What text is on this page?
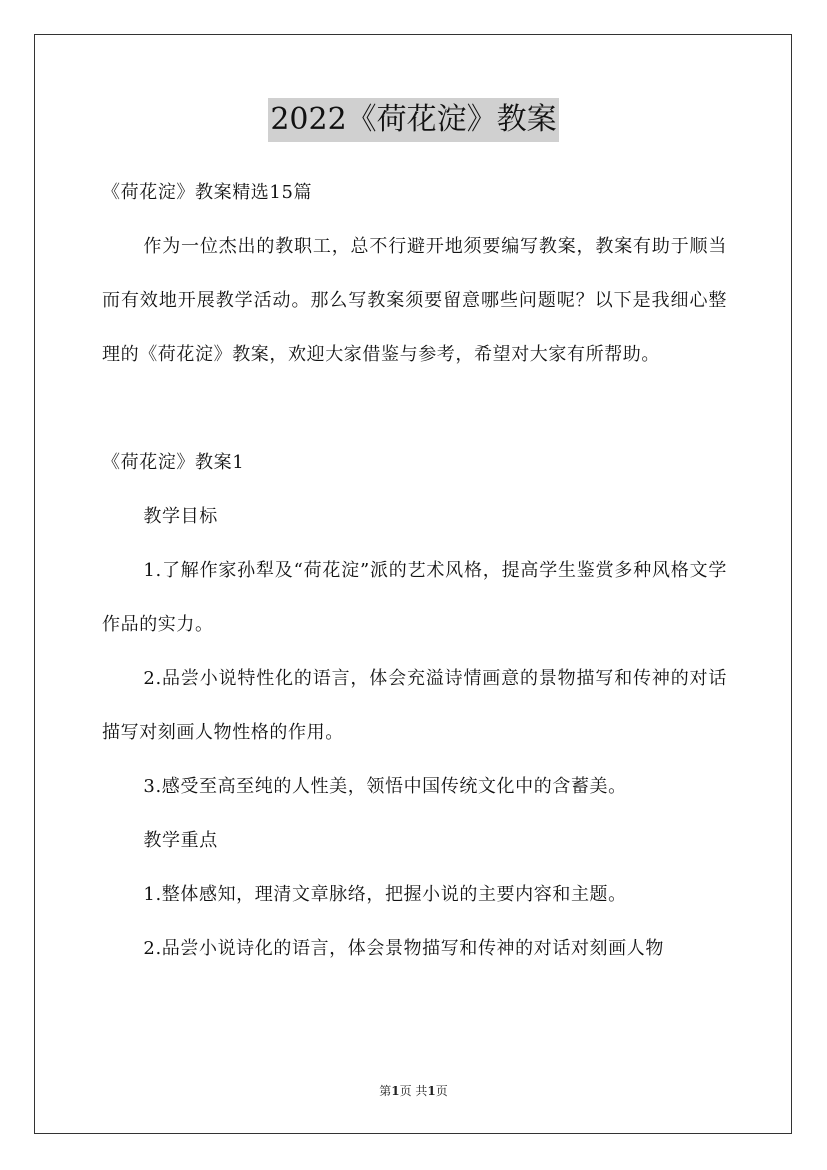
2022《荷花淀》教案

《荷花淀》教案精选15篇

作为一位杰出的教职工，总不行避开地须要编写教案，教案有助于顺当而有效地开展教学活动。那么写教案须要留意哪些问题呢？以下是我细心整理的《荷花淀》教案，欢迎大家借鉴与参考，希望对大家有所帮助。

《荷花淀》教案1

教学目标

1.了解作家孙犁及“荷花淀”派的艺术风格，提高学生鉴赏多种风格文学作品的实力。

2.品尝小说特性化的语言，体会充溢诗情画意的景物描写和传神的对话描写对刻画人物性格的作用。

3.感受至高至纯的人性美，领悟中国传统文化中的含蓄美。

教学重点

1.整体感知，理清文章脉络，把握小说的主要内容和主题。

2.品尝小说诗化的语言，体会景物描写和传神的对话对刻画人物

第1页 共1页
